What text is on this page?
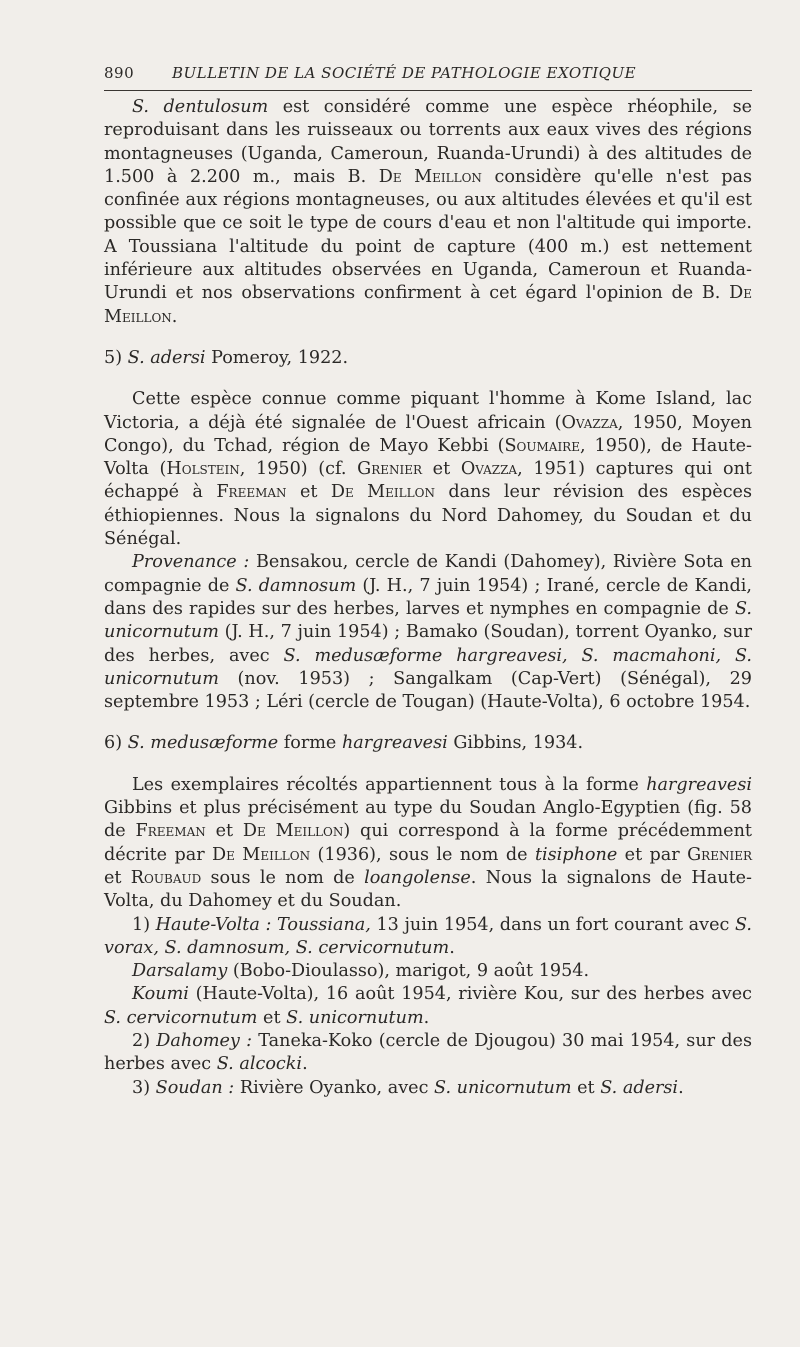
890	BULLETIN DE LA SOCIÉTÉ DE PATHOLOGIE EXOTIQUE

S. dentulosum est considéré comme une espèce rhéophile, se reproduisant dans les ruisseaux ou torrents aux eaux vives des régions montagneuses (Uganda, Cameroun, Ruanda-Urundi) à des altitudes de 1.500 à 2.200 m., mais B. De Meillon considère qu'elle n'est pas confinée aux régions montagneuses, ou aux altitudes élevées et qu'il est possible que ce soit le type de cours d'eau et non l'altitude qui importe. A Toussiana l'altitude du point de capture (400 m.) est nettement inférieure aux altitudes observées en Uganda, Cameroun et Ruanda-Urundi et nos observations confirment à cet égard l'opinion de B. De Meillon.

5) S. adersi Pomeroy, 1922.

Cette espèce connue comme piquant l'homme à Kome Island, lac Victoria, a déjà été signalée de l'Ouest africain (Ovazza, 1950, Moyen Congo), du Tchad, région de Mayo Kebbi (Soumaire, 1950), de Haute-Volta (Holstein, 1950) (cf. Grenier et Ovazza, 1951) captures qui ont échappé à Freeman et De Meillon dans leur révision des espèces éthiopiennes. Nous la signalons du Nord Dahomey, du Soudan et du Sénégal.

Provenance : Bensakou, cercle de Kandi (Dahomey), Rivière Sota en compagnie de S. damnosum (J. H., 7 juin 1954) ; Irané, cercle de Kandi, dans des rapides sur des herbes, larves et nymphes en compagnie de S. unicornutum (J. H., 7 juin 1954) ; Bamako (Soudan), torrent Oyanko, sur des herbes, avec S. medusæforme hargreavesi, S. macmahoni, S. unicornutum (nov. 1953) ; Sangalkam (Cap-Vert) (Sénégal), 29 septembre 1953 ; Léri (cercle de Tougan) (Haute-Volta), 6 octobre 1954.

6) S. medusæforme forme hargreavesi Gibbins, 1934.

Les exemplaires récoltés appartiennent tous à la forme hargreavesi Gibbins et plus précisément au type du Soudan Anglo-Egyptien (fig. 58 de Freeman et De Meillon) qui correspond à la forme précédemment décrite par De Meillon (1936), sous le nom de tisiphone et par Grenier et Roubaud sous le nom de loangolense. Nous la signalons de Haute-Volta, du Dahomey et du Soudan.

1) Haute-Volta : Toussiana, 13 juin 1954, dans un fort courant avec S. vorax, S. damnosum, S. cervicornutum.

Darsalamy (Bobo-Dioulasso), marigot, 9 août 1954.

Koumi (Haute-Volta), 16 août 1954, rivière Kou, sur des herbes avec S. cervicornutum et S. unicornutum.

2) Dahomey : Taneka-Koko (cercle de Djougou) 30 mai 1954, sur des herbes avec S. alcocki.

3) Soudan : Rivière Oyanko, avec S. unicornutum et S. adersi.
